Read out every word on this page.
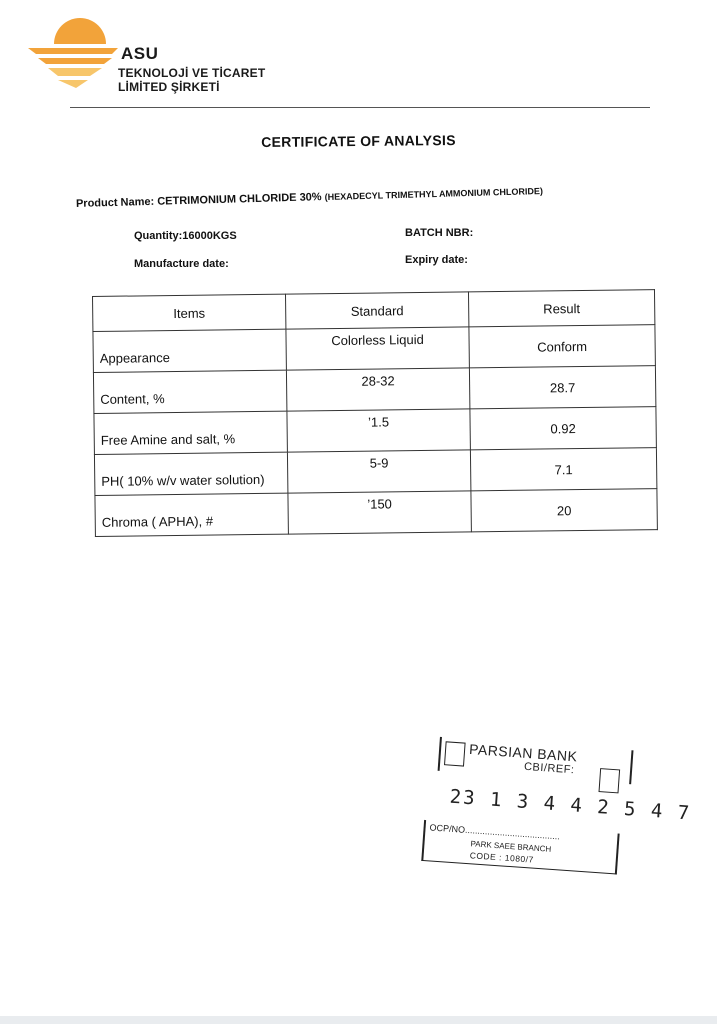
ASU
TEKNOLOJİ VE TİCARET
LİMİTED ŞİRKETİ
CERTIFICATE OF ANALYSIS
Product Name: CETRIMONIUM CHLORIDE 30% (HEXADECYL TRIMETHYL AMMONIUM CHLORIDE)
Quantity:16000KGS	BATCH NBR:
Manufacture date:	Expiry date:
Items	Standard	Result
Appearance	Colorless Liquid	Conform
Content, %	28-32	28.7
Free Amine and salt, %	’1.5	0.92
PH( 10% w/v water solution)	5-9	7.1
Chroma ( APHA), #	’150	20
PARSIAN BANK
CBI/REF:
23 1 3 4 4 2 5 4 7
OCP/NO......................................
PARK SAEE BRANCH
CODE : 1080/7
